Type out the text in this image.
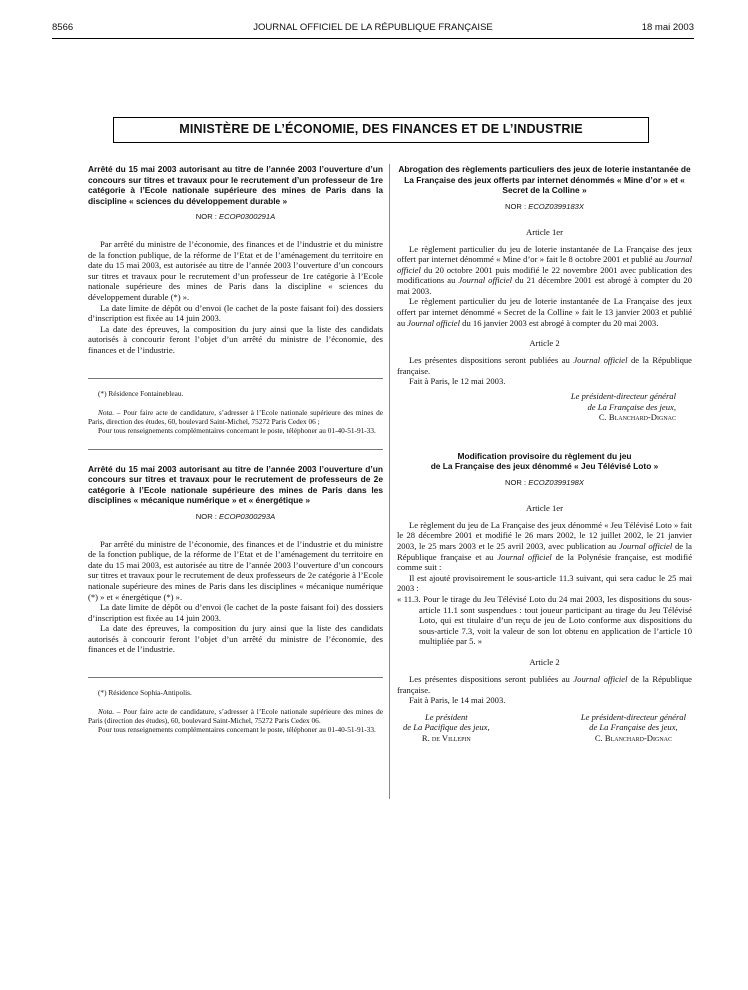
8566	JOURNAL OFFICIEL DE LA RÉPUBLIQUE FRANÇAISE	18 mai 2003
MINISTÈRE DE L’ÉCONOMIE, DES FINANCES ET DE L’INDUSTRIE

Arrêté du 15 mai 2003 autorisant au titre de l’année 2003 l’ouverture d’un concours sur titres et travaux pour le recrutement d’un professeur de 1re catégorie à l’Ecole nationale supérieure des mines de Paris dans la discipline « sciences du développement durable »

NOR : ECOP0300291A

Par arrêté du ministre de l’économie, des finances et de l’industrie et du ministre de la fonction publique, de la réforme de l’Etat et de l’aménagement du territoire en date du 15 mai 2003, est autorisée au titre de l’année 2003 l’ouverture d’un concours sur titres et travaux pour le recrutement d’un professeur de 1re catégorie à l’Ecole nationale supérieure des mines de Paris dans la discipline « sciences du développement durable (*) ».

La date limite de dépôt ou d’envoi (le cachet de la poste faisant foi) des dossiers d’inscription est fixée au 14 juin 2003.

La date des épreuves, la composition du jury ainsi que la liste des candidats autorisés à concourir feront l’objet d’un arrêté du ministre de l’économie, des finances et de l’industrie.

(*) Résidence Fontainebleau.

Nota. – Pour faire acte de candidature, s’adresser à l’Ecole nationale supérieure des mines de Paris, direction des études, 60, boulevard Saint-Michel, 75272 Paris Cedex 06 ;

Pour tous renseignements complémentaires concernant le poste, téléphoner au 01-40-51-91-33.

Arrêté du 15 mai 2003 autorisant au titre de l’année 2003 l’ouverture d’un concours sur titres et travaux pour le recrutement de professeurs de 2e catégorie à l’Ecole nationale supérieure des mines de Paris dans les disciplines « mécanique numérique » et « énergétique »

NOR : ECOP0300293A

Par arrêté du ministre de l’économie, des finances et de l’industrie et du ministre de la fonction publique, de la réforme de l’Etat et de l’aménagement du territoire en date du 15 mai 2003, est autorisée au titre de l’année 2003 l’ouverture d’un concours sur titres et travaux pour le recrutement de deux professeurs de 2e catégorie à l’Ecole nationale supérieure des mines de Paris dans les disciplines « mécanique numérique (*) » et « énergétique (*) ».

La date limite de dépôt ou d’envoi (le cachet de la poste faisant foi) des dossiers d’inscription est fixée au 14 juin 2003.

La date des épreuves, la composition du jury ainsi que la liste des candidats autorisés à concourir feront l’objet d’un arrêté du ministre de l’économie, des finances et de l’industrie.

(*) Résidence Sophia-Antipolis.

Nota. – Pour faire acte de candidature, s’adresser à l’Ecole nationale supérieure des mines de Paris (direction des études), 60, boulevard Saint-Michel, 75272 Paris Cedex 06.

Pour tous renseignements complémentaires concernant le poste, téléphoner au 01-40-51-91-33.

Abrogation des règlements particuliers des jeux de loterie instantanée de La Française des jeux offerts par internet dénommés « Mine d’or » et « Secret de la Colline »

NOR : ECOZ0399183X

Article 1er

Le règlement particulier du jeu de loterie instantanée de La Française des jeux offert par internet dénommé « Mine d’or » fait le 8 octobre 2001 et publié au Journal officiel du 20 octobre 2001 puis modifié le 22 novembre 2001 avec publication des modifications au Journal officiel du 21 décembre 2001 est abrogé à compter du 20 mai 2003.

Le règlement particulier du jeu de loterie instantanée de La Française des jeux offert par internet dénommé « Secret de la Colline » fait le 13 janvier 2003 et publié au Journal officiel du 16 janvier 2003 est abrogé à compter du 20 mai 2003.

Article 2

Les présentes dispositions seront publiées au Journal officiel de la République française.

Fait à Paris, le 12 mai 2003.

Le président-directeur général
de La Française des jeux,
C. Blanchard-Dignac

Modification provisoire du règlement du jeu
de La Française des jeux dénommé « Jeu Télévisé Loto »

NOR : ECOZ0399198X

Article 1er

Le règlement du jeu de La Française des jeux dénommé « Jeu Télévisé Loto » fait le 28 décembre 2001 et modifié le 26 mars 2002, le 12 juillet 2002, le 21 janvier 2003, le 25 mars 2003 et le 25 avril 2003, avec publication au Journal officiel de la République française et au Journal officiel de la Polynésie française, est modifié comme suit :

Il est ajouté provisoirement le sous-article 11.3 suivant, qui sera caduc le 25 mai 2003 :

« 11.3. Pour le tirage du Jeu Télévisé Loto du 24 mai 2003, les dispositions du sous-article 11.1 sont suspendues : tout joueur participant au tirage du Jeu Télévisé Loto, qui est titulaire d’un reçu de jeu de Loto conforme aux dispositions du sous-article 7.3, voit la valeur de son lot obtenu en application de l’article 10 multipliée par 5. »

Article 2

Les présentes dispositions seront publiées au Journal officiel de la République française.

Fait à Paris, le 14 mai 2003.

Le président
de La Pacifique des jeux,
R. de Villepin
Le président-directeur général
de La Française des jeux,
C. Blanchard-Dignac
